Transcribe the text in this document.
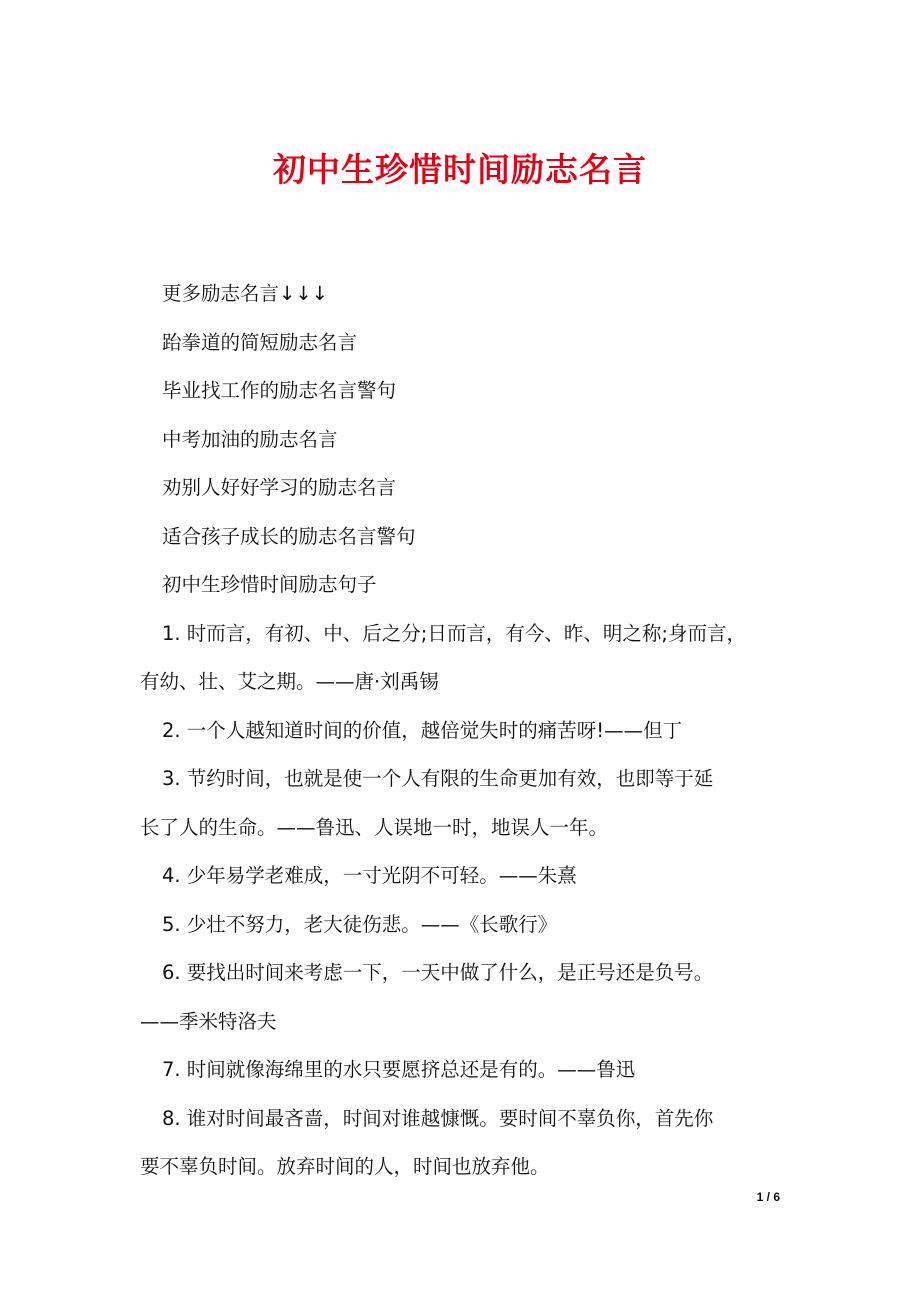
初中生珍惜时间励志名言
更多励志名言↓↓↓
跆拳道的简短励志名言
毕业找工作的励志名言警句
中考加油的励志名言
劝别人好好学习的励志名言
适合孩子成长的励志名言警句
初中生珍惜时间励志句子
1. 时而言，有初、中、后之分;日而言，有今、昨、明之称;身而言，
有幼、壮、艾之期。——唐·刘禹锡
2. 一个人越知道时间的价值，越倍觉失时的痛苦呀!——但丁
3. 节约时间，也就是使一个人有限的生命更加有效，也即等于延
长了人的生命。——鲁迅、人误地一时，地误人一年。
4. 少年易学老难成，一寸光阴不可轻。——朱熹
5. 少壮不努力，老大徒伤悲。——《长歌行》
6. 要找出时间来考虑一下，一天中做了什么，是正号还是负号。
——季米特洛夫
7. 时间就像海绵里的水只要愿挤总还是有的。——鲁迅
8. 谁对时间最吝啬，时间对谁越慷慨。要时间不辜负你，首先你
要不辜负时间。放弃时间的人，时间也放弃他。
1 / 6
